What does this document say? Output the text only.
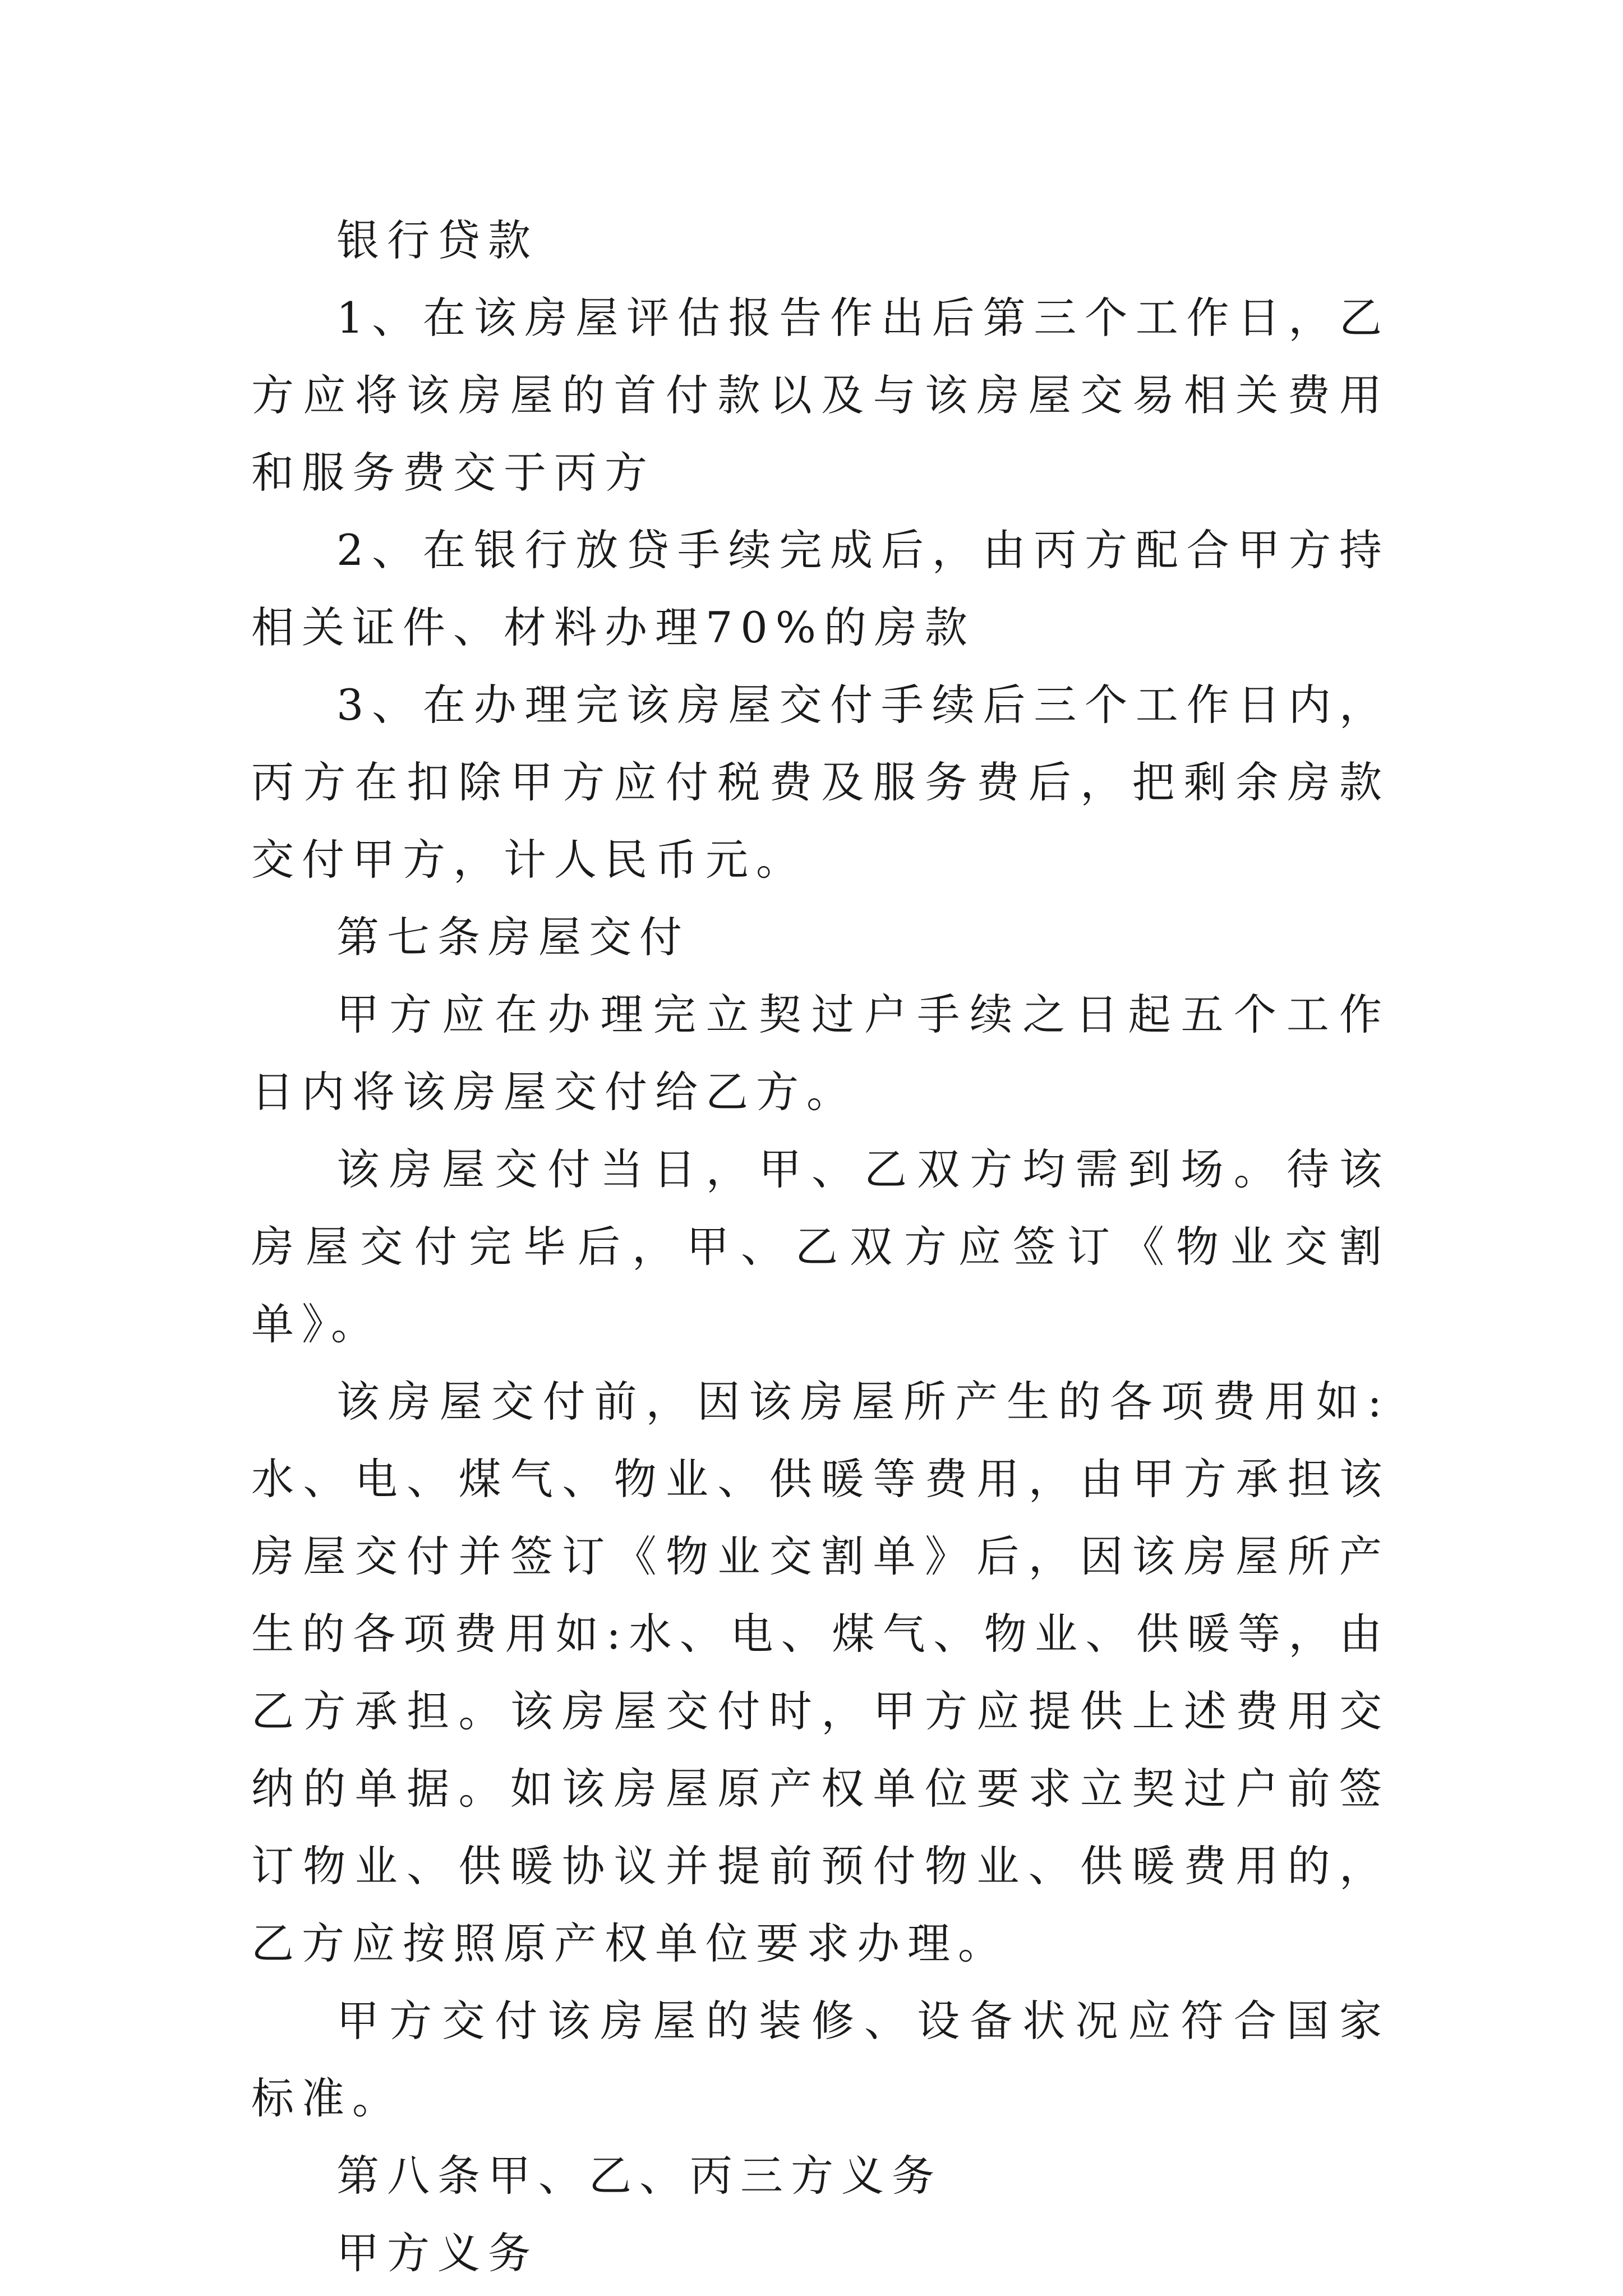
银行贷款

1、在该房屋评估报告作出后第三个工作日，乙方应将该房屋的首付款以及与该房屋交易相关费用和服务费交于丙方

2、在银行放贷手续完成后，由丙方配合甲方持相关证件、材料办理70%的房款

3、在办理完该房屋交付手续后三个工作日内，丙方在扣除甲方应付税费及服务费后，把剩余房款交付甲方，计人民币元。

第七条房屋交付

甲方应在办理完立契过户手续之日起五个工作日内将该房屋交付给乙方。

该房屋交付当日，甲、乙双方均需到场。待该房屋交付完毕后，甲、乙双方应签订《物业交割单》。

该房屋交付前，因该房屋所产生的各项费用如:水、电、煤气、物业、供暖等费用，由甲方承担该房屋交付并签订《物业交割单》后，因该房屋所产生的各项费用如:水、电、煤气、物业、供暖等，由乙方承担。该房屋交付时，甲方应提供上述费用交纳的单据。如该房屋原产权单位要求立契过户前签订物业、供暖协议并提前预付物业、供暖费用的，乙方应按照原产权单位要求办理。

甲方交付该房屋的装修、设备状况应符合国家标准。

第八条甲、乙、丙三方义务

甲方义务
